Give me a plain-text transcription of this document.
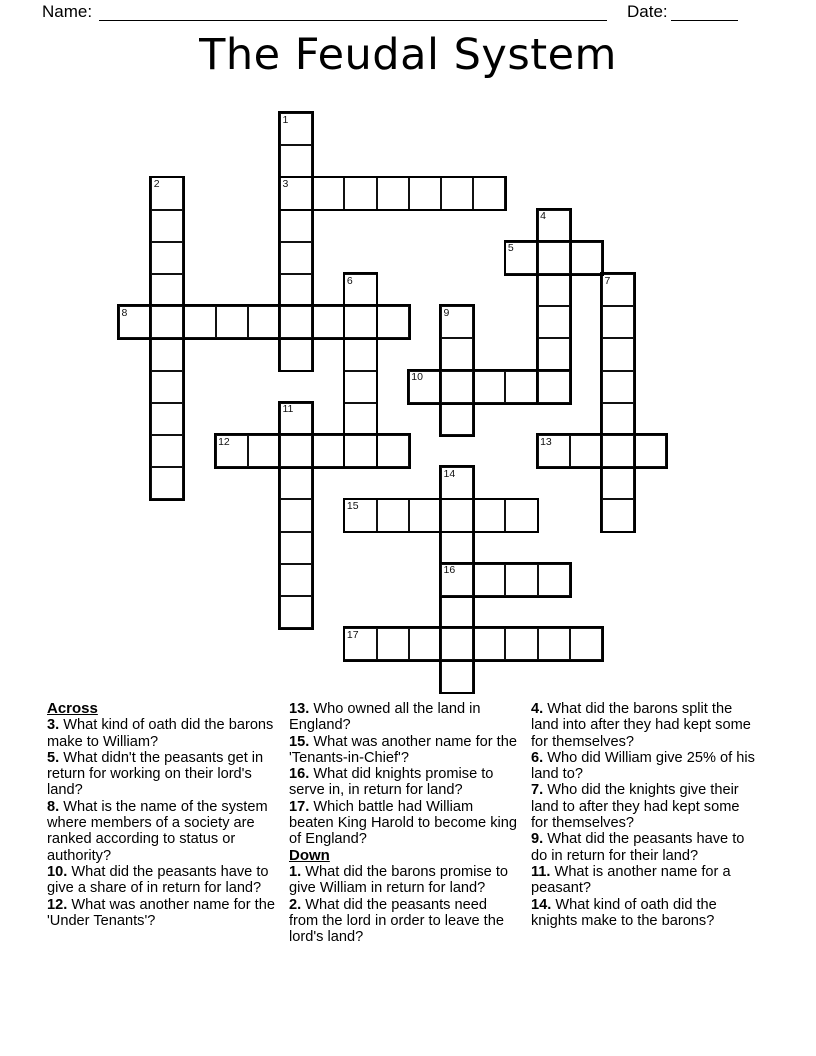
Name:	Date:
The Feudal System
1
2	3
4
5
6	7
8	9
10
11
12	13
14
15
16
17
Across
3. What kind of oath did the barons make to William?
5. What didn't the peasants get in return for working on their lord's land?
8. What is the name of the system where members of a society are ranked according to status or authority?
10. What did the peasants have to give a share of in return for land?
12. What was another name for the 'Under Tenants'?
13. Who owned all the land in England?
15. What was another name for the 'Tenants-in-Chief'?
16. What did knights promise to serve in, in return for land?
17. Which battle had William beaten King Harold to become king of England?
Down
1. What did the barons promise to give William in return for land?
2. What did the peasants need from the lord in order to leave the lord's land?
4. What did the barons split the land into after they had kept some for themselves?
6. Who did William give 25% of his land to?
7. Who did the knights give their land to after they had kept some for themselves?
9. What did the peasants have to do in return for their land?
11. What is another name for a peasant?
14. What kind of oath did the knights make to the barons?
